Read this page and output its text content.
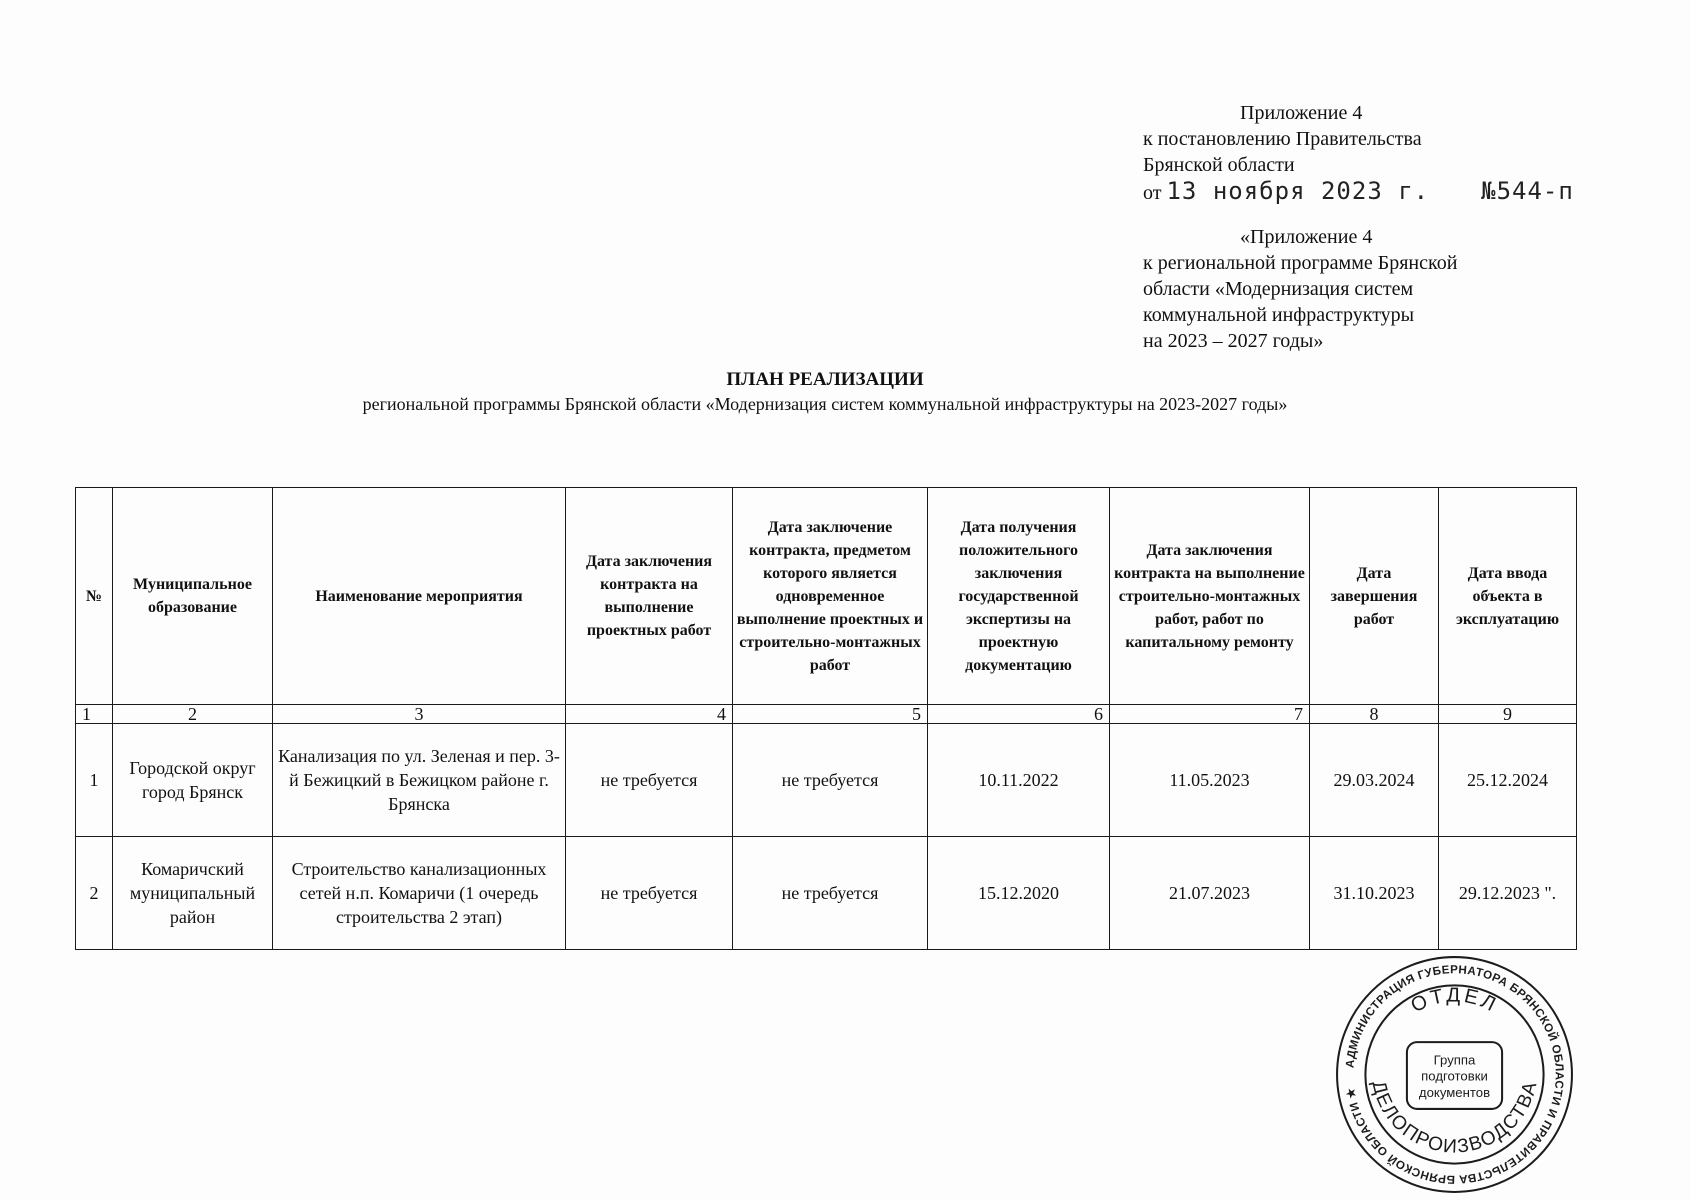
Приложение 4
к постановлению Правительства
Брянской области
от 13 ноября 2023 г. №544-п
«Приложение 4
к региональной программе Брянской
области «Модернизация систем
коммунальной инфраструктуры
на 2023 – 2027 годы»
ПЛАН РЕАЛИЗАЦИИ
региональной программы Брянской области «Модернизация систем коммунальной инфраструктуры на 2023-2027 годы»
№	Муниципальное образование	Наименование мероприятия	Дата заключения контракта на выполнение проектных работ	Дата заключение контракта, предметом которого является одновременное выполнение проектных и строительно-монтажных работ	Дата получения положительного заключения государственной экспертизы на проектную документацию	Дата заключения контракта на выполнение строительно-монтажных работ, работ по капитальному ремонту	Дата завершения работ	Дата ввода объекта в эксплуатацию
1	2	3	4	5	6	7	8	9
1	Городской округ город Брянск	Канализация по ул. Зеленая и пер. 3-й Бежицкий в Бежицком районе г. Брянска	не требуется	не требуется	10.11.2022	11.05.2023	29.03.2024	25.12.2024
2	Комаричский муниципальный район	Строительство канализационных сетей н.п. Комаричи (1 очередь строительства 2 этап)	не требуется	не требуется	15.12.2020	21.07.2023	31.10.2023	29.12.2023 ".
АДМИНИСТРАЦИЯ ГУБЕРНАТОРА БРЯНСКОЙ ОБЛАСТИ И ПРАВИТЕЛЬСТВА БРЯНСКОЙ ОБЛАСТИ ★
ОТДЕЛ
ДЕЛОПРОИЗВОДСТВА
Группа
подготовки
документов
